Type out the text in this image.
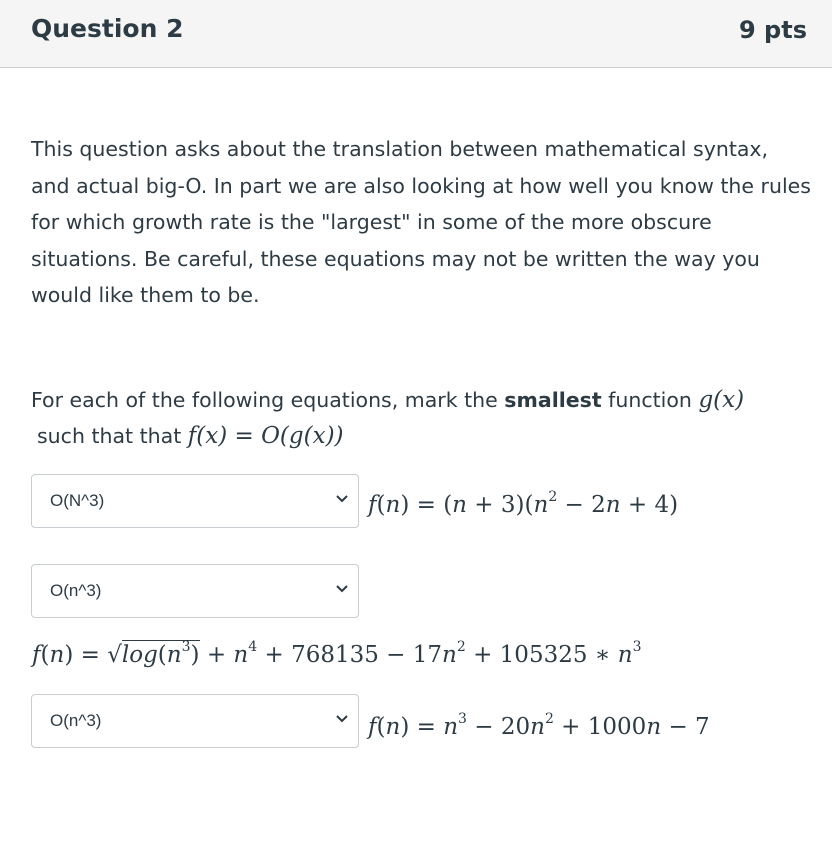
Question 2	9 pts
This question asks about the translation between mathematical syntax, and actual big-O. In part we are also looking at how well you know the rules for which growth rate is the "largest" in some of the more obscure situations. Be careful, these equations may not be written the way you would like them to be.
For each of the following equations, mark the smallest function g(x)
such that that f(x) = O(g(x))
O(N^3)	$f(n) = (n + 3)(n^2 - 2n + 4)$
O(n^3)
$f(n) = √\log(n^3) + n^4 + 768135 - 17n^2 + 105325$ ∗ $n^3$
O(n^3)	$f(n) = n^3 - 20n^2 + 1000n - 7$
